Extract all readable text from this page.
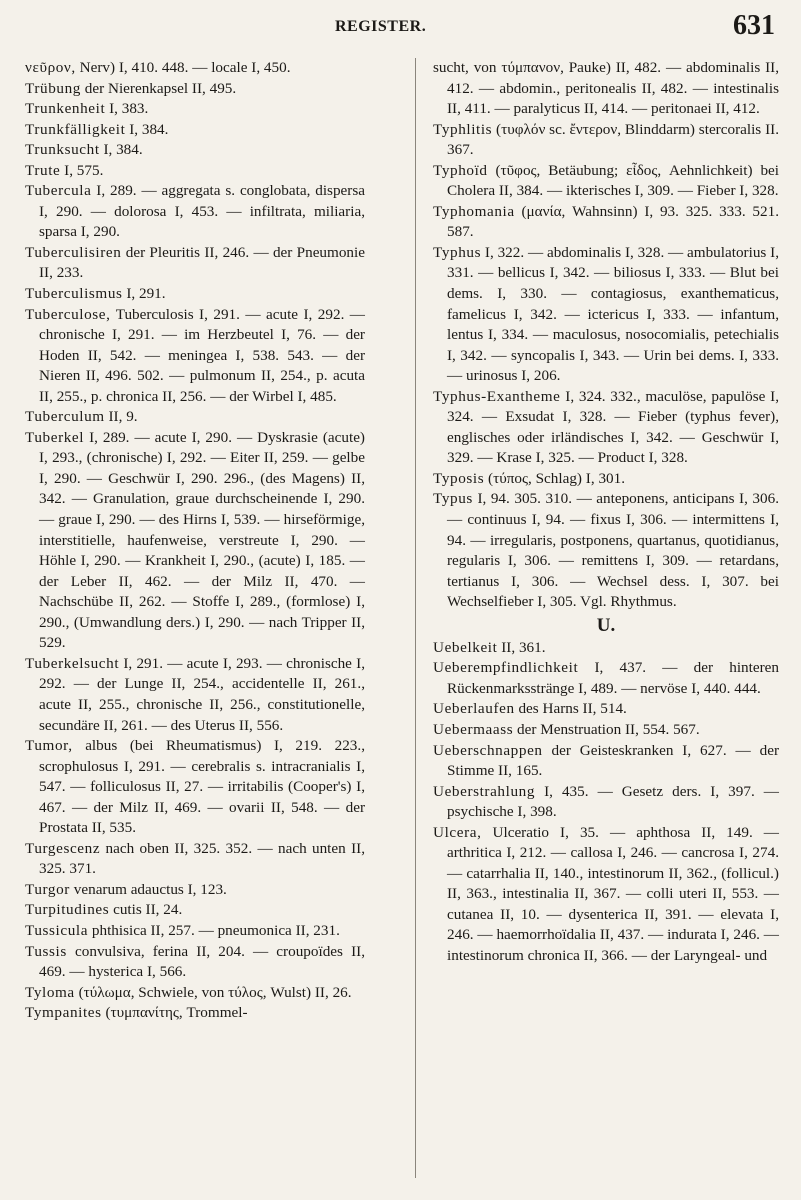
REGISTER.	631

νεῦρον, Nerv) I, 410. 448. — locale I, 450.

Trübung der Nierenkapsel II, 495.

Trunkenheit I, 383.

Trunkfälligkeit I, 384.

Trunksucht I, 384.

Trute I, 575.

Tubercula I, 289. — aggregata s. conglobata, dispersa I, 290. — dolorosa I, 453. — infiltrata, miliaria, sparsa I, 290.

Tuberculisiren der Pleuritis II, 246. — der Pneumonie II, 233.

Tuberculismus I, 291.

Tuberculose, Tuberculosis I, 291. — acute I, 292. — chronische I, 291. — im Herzbeutel I, 76. — der Hoden II, 542. — meningea I, 538. 543. — der Nieren II, 496. 502. — pulmonum II, 254., p. acuta II, 255., p. chronica II, 256. — der Wirbel I, 485.

Tuberculum II, 9.

Tuberkel I, 289. — acute I, 290. — Dyskrasie (acute) I, 293., (chronische) I, 292. — Eiter II, 259. — gelbe I, 290. — Geschwür I, 290. 296., (des Magens) II, 342. — Granulation, graue durchscheinende I, 290. — graue I, 290. — des Hirns I, 539. — hirseförmige, interstitielle, haufenweise, verstreute I, 290. — Höhle I, 290. — Krankheit I, 290., (acute) I, 185. — der Leber II, 462. — der Milz II, 470. — Nachschübe II, 262. — Stoffe I, 289., (formlose) I, 290., (Umwandlung ders.) I, 290. — nach Tripper II, 529.

Tuberkelsucht I, 291. — acute I, 293. — chronische I, 292. — der Lunge II, 254., accidentelle II, 261., acute II, 255., chronische II, 256., constitutionelle, secundäre II, 261. — des Uterus II, 556.

Tumor, albus (bei Rheumatismus) I, 219. 223., scrophulosus I, 291. — cerebralis s. intracranialis I, 547. — folliculosus II, 27. — irritabilis (Cooper's) I, 467. — der Milz II, 469. — ovarii II, 548. — der Prostata II, 535.

Turgescenz nach oben II, 325. 352. — nach unten II, 325. 371.

Turgor venarum adauctus I, 123.

Turpitudines cutis II, 24.

Tussicula phthisica II, 257. — pneumonica II, 231.

Tussis convulsiva, ferina II, 204. — croupoïdes II, 469. — hysterica I, 566.

Tyloma (τύλωμα, Schwiele, von τύλος, Wulst) II, 26.

Tympanites (τυμπανίτης, Trommel-

sucht, von τύμπανον, Pauke) II, 482. — abdominalis II, 412. — abdomin., peritonealis II, 482. — intestinalis II, 411. — paralyticus II, 414. — peritonaei II, 412.

Typhlitis (τυφλόν sc. ἔντερον, Blinddarm) stercoralis II. 367.

Typhoïd (τῦφος, Betäubung; εἶδος, Aehnlichkeit) bei Cholera II, 384. — ikterisches I, 309. — Fieber I, 328.

Typhomania (μανία, Wahnsinn) I, 93. 325. 333. 521. 587.

Typhus I, 322. — abdominalis I, 328. — ambulatorius I, 331. — bellicus I, 342. — biliosus I, 333. — Blut bei dems. I, 330. — contagiosus, exanthematicus, famelicus I, 342. — ictericus I, 333. — infantum, lentus I, 334. — maculosus, nosocomialis, petechialis I, 342. — syncopalis I, 343. — Urin bei dems. I, 333. — urinosus I, 206.

Typhus-Exantheme I, 324. 332., maculöse, papulöse I, 324. — Exsudat I, 328. — Fieber (typhus fever), englisches oder irländisches I, 342. — Geschwür I, 329. — Krase I, 325. — Product I, 328.

Typosis (τύπος, Schlag) I, 301.

Typus I, 94. 305. 310. — anteponens, anticipans I, 306. — continuus I, 94. — fixus I, 306. — intermittens I, 94. — irregularis, postponens, quartanus, quotidianus, regularis I, 306. — remittens I, 309. — retardans, tertianus I, 306. — Wechsel dess. I, 307. bei Wechselfieber I, 305. Vgl. Rhythmus.

U.

Uebelkeit II, 361.

Ueberempfindlichkeit I, 437. — der hinteren Rückenmarksstränge I, 489. — nervöse I, 440. 444.

Ueberlaufen des Harns II, 514.

Uebermaass der Menstruation II, 554. 567.

Ueberschnappen der Geisteskranken I, 627. — der Stimme II, 165.

Ueberstrahlung I, 435. — Gesetz ders. I, 397. — psychische I, 398.

Ulcera, Ulceratio I, 35. — aphthosa II, 149. — arthritica I, 212. — callosa I, 246. — cancrosa I, 274. — catarrhalia II, 140., intestinorum II, 362., (follicul.) II, 363., intestinalia II, 367. — colli uteri II, 553. — cutanea II, 10. — dysenterica II, 391. — elevata I, 246. — haemorrhoïdalia II, 437. — indurata I, 246. — intestinorum chronica II, 366. — der Laryngeal- und
